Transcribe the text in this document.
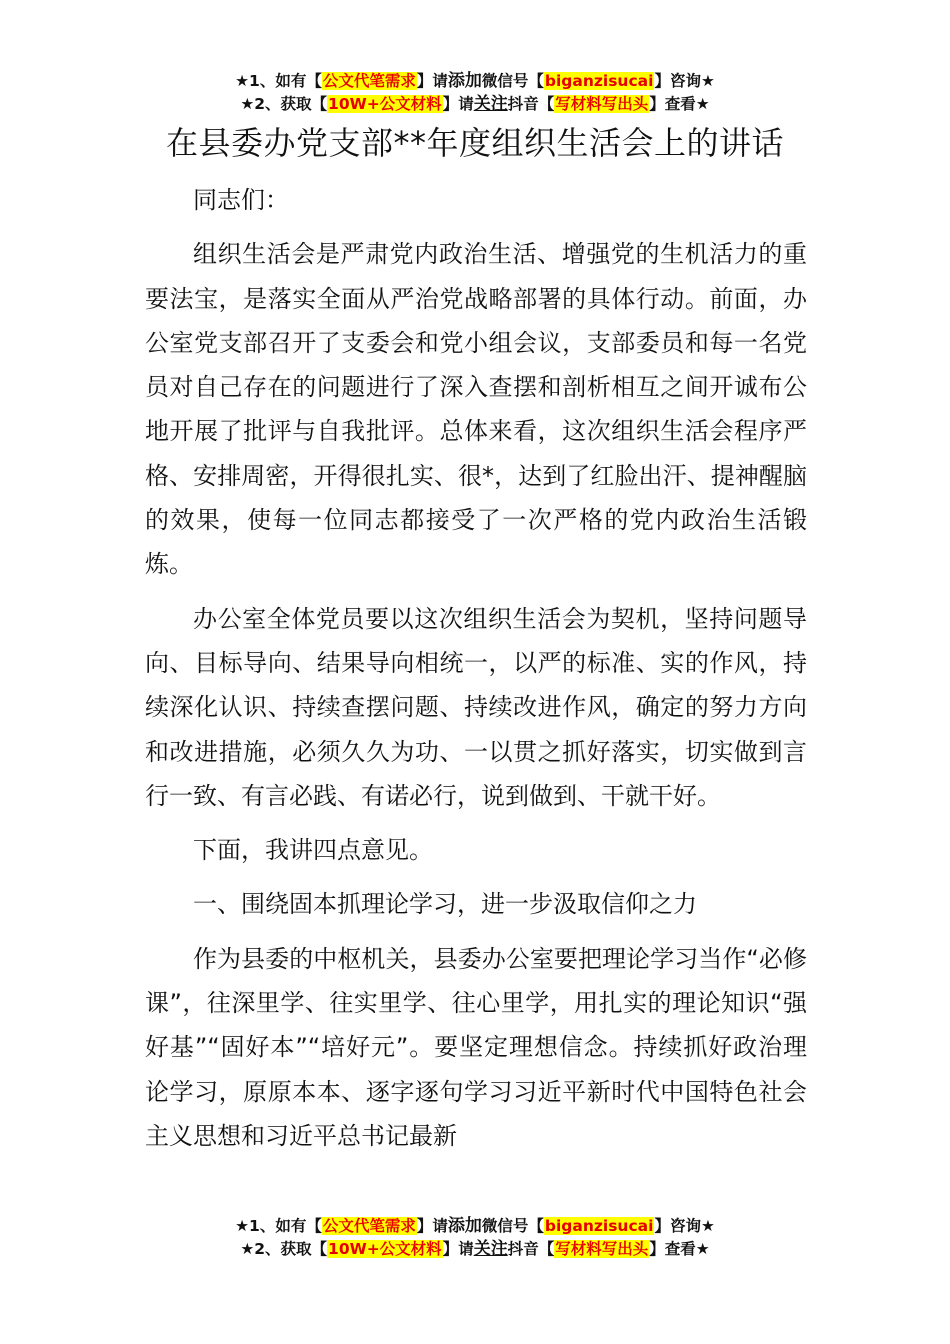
★1、如有【公文代笔需求】请添加微信号【biganzisucai】咨询★
★2、获取【10W+公文材料】请关注抖音【写材料写出头】查看★
在县委办党支部**年度组织生活会上的讲话

同志们：

组织生活会是严肃党内政治生活、增强党的生机活力的重要法宝，是落实全面从严治党战略部署的具体行动。前面，办公室党支部召开了支委会和党小组会议，支部委员和每一名党员对自己存在的问题进行了深入查摆和剖析相互之间开诚布公地开展了批评与自我批评。总体来看，这次组织生活会程序严格、安排周密，开得很扎实、很*，达到了红脸出汗、提神醒脑的效果，使每一位同志都接受了一次严格的党内政治生活锻炼。

办公室全体党员要以这次组织生活会为契机，坚持问题导向、目标导向、结果导向相统一，以严的标准、实的作风，持续深化认识、持续查摆问题、持续改进作风，确定的努力方向和改进措施，必须久久为功、一以贯之抓好落实，切实做到言行一致、有言必践、有诺必行，说到做到、干就干好。

下面，我讲四点意见。

一、围绕固本抓理论学习，进一步汲取信仰之力

作为县委的中枢机关，县委办公室要把理论学习当作“必修课”，往深里学、往实里学、往心里学，用扎实的理论知识“强好基”“固好本”“培好元”。要坚定理想信念。持续抓好政治理论学习，原原本本、逐字逐句学习习近平新时代中国特色社会主义思想和习近平总书记最新

★1、如有【公文代笔需求】请添加微信号【biganzisucai】咨询★
★2、获取【10W+公文材料】请关注抖音【写材料写出头】查看★
